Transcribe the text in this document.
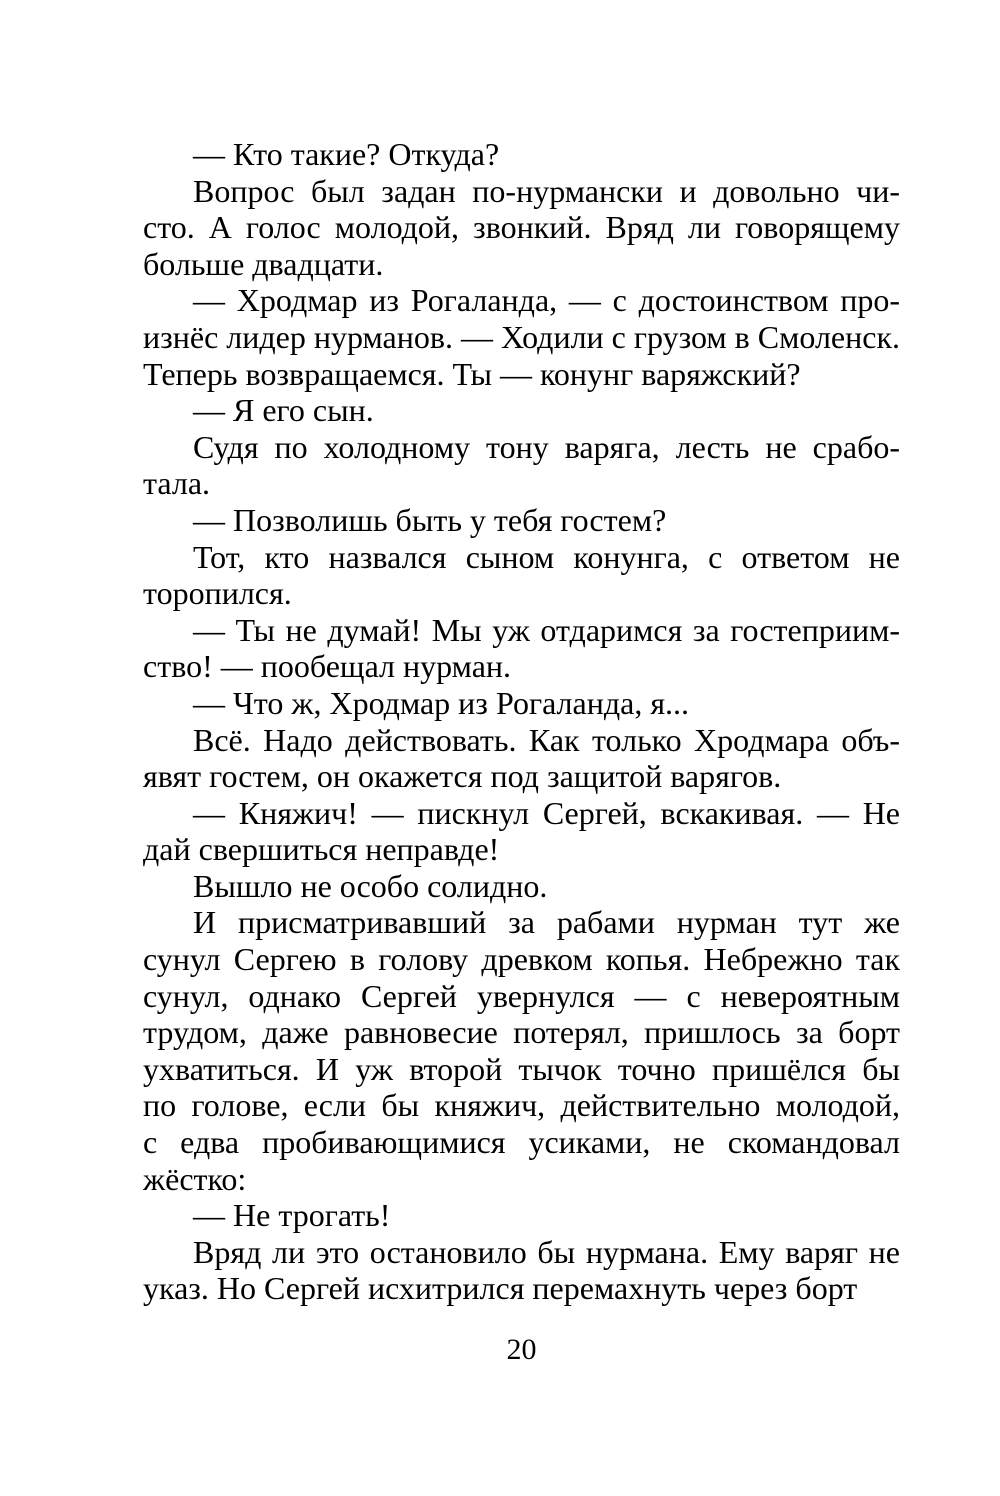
— Кто такие? Откуда?
Вопрос был задан по-нурмански и довольно чи-
сто. А голос молодой, звонкий. Вряд ли говорящему
больше двадцати.
— Хродмар из Рогаланда, — с достоинством про-
изнёс лидер нурманов. — Ходили с грузом в Смоленск.
Теперь возвращаемся. Ты — конунг варяжский?
— Я его сын.
Судя по холодному тону варяга, лесть не срабо-
тала.
— Позволишь быть у тебя гостем?
Тот, кто назвался сыном конунга, с ответом не
торопился.
— Ты не думай! Мы уж отдаримся за гостеприим-
ство! — пообещал нурман.
— Что ж, Хродмар из Рогаланда, я...
Всё. Надо действовать. Как только Хродмара объ-
явят гостем, он окажется под защитой варягов.
— Княжич! — пискнул Сергей, вскакивая. — Не
дай свершиться неправде!
Вышло не особо солидно.
И присматривавший за рабами нурман тут же
сунул Сергею в голову древком копья. Небрежно так
сунул, однако Сергей увернулся — с невероятным
трудом, даже равновесие потерял, пришлось за борт
ухватиться. И уж второй тычок точно пришёлся бы
по голове, если бы княжич, действительно молодой,
с едва пробивающимися усиками, не скомандовал
жёстко:
— Не трогать!
Вряд ли это остановило бы нурмана. Ему варяг не
указ. Но Сергей исхитрился перемахнуть через борт
20
